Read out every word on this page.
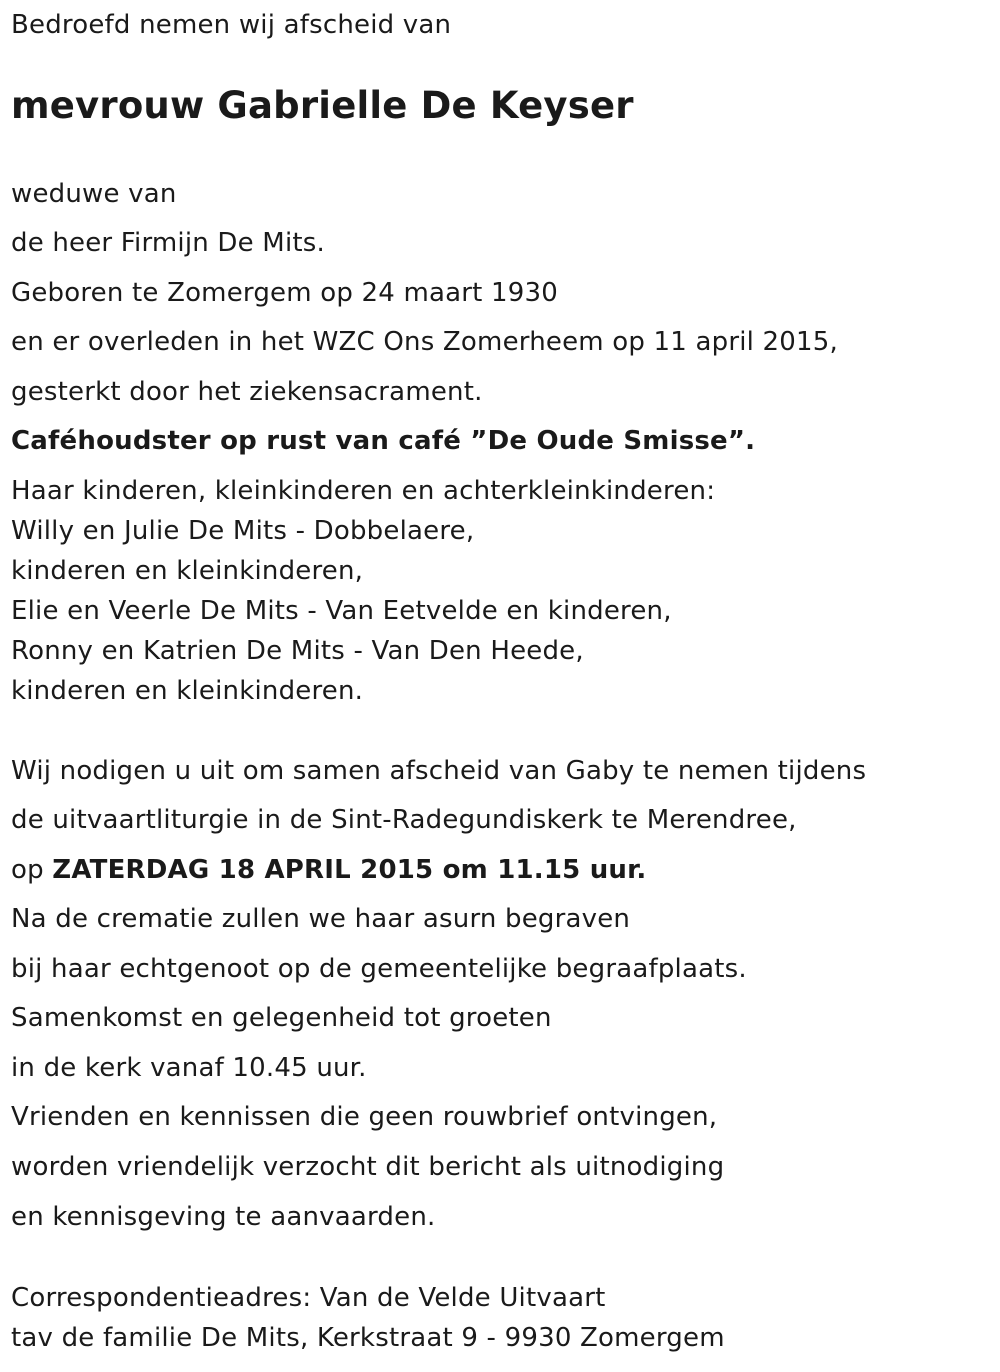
Bedroefd nemen wij afscheid van
mevrouw Gabrielle De Keyser
weduwe van
de heer Firmijn De Mits.
Geboren te Zomergem op 24 maart 1930
en er overleden in het WZC Ons Zomerheem op 11 april 2015,
gesterkt door het ziekensacrament.
Caféhoudster op rust van café ”De Oude Smisse”.
Haar kinderen, kleinkinderen en achterkleinkinderen:
Willy en Julie De Mits - Dobbelaere,
kinderen en kleinkinderen,
Elie en Veerle De Mits - Van Eetvelde en kinderen,
Ronny en Katrien De Mits - Van Den Heede,
kinderen en kleinkinderen.
Wij nodigen u uit om samen afscheid van Gaby te nemen tijdens
de uitvaartliturgie in de Sint-Radegundiskerk te Merendree,
op ZATERDAG 18 APRIL 2015 om 11.15 uur.
Na de crematie zullen we haar asurn begraven
bij haar echtgenoot op de gemeentelijke begraafplaats.
Samenkomst en gelegenheid tot groeten
in de kerk vanaf 10.45 uur.
Vrienden en kennissen die geen rouwbrief ontvingen,
worden vriendelijk verzocht dit bericht als uitnodiging
en kennisgeving te aanvaarden.
Correspondentieadres: Van de Velde Uitvaart
tav de familie De Mits, Kerkstraat 9 - 9930 Zomergem
